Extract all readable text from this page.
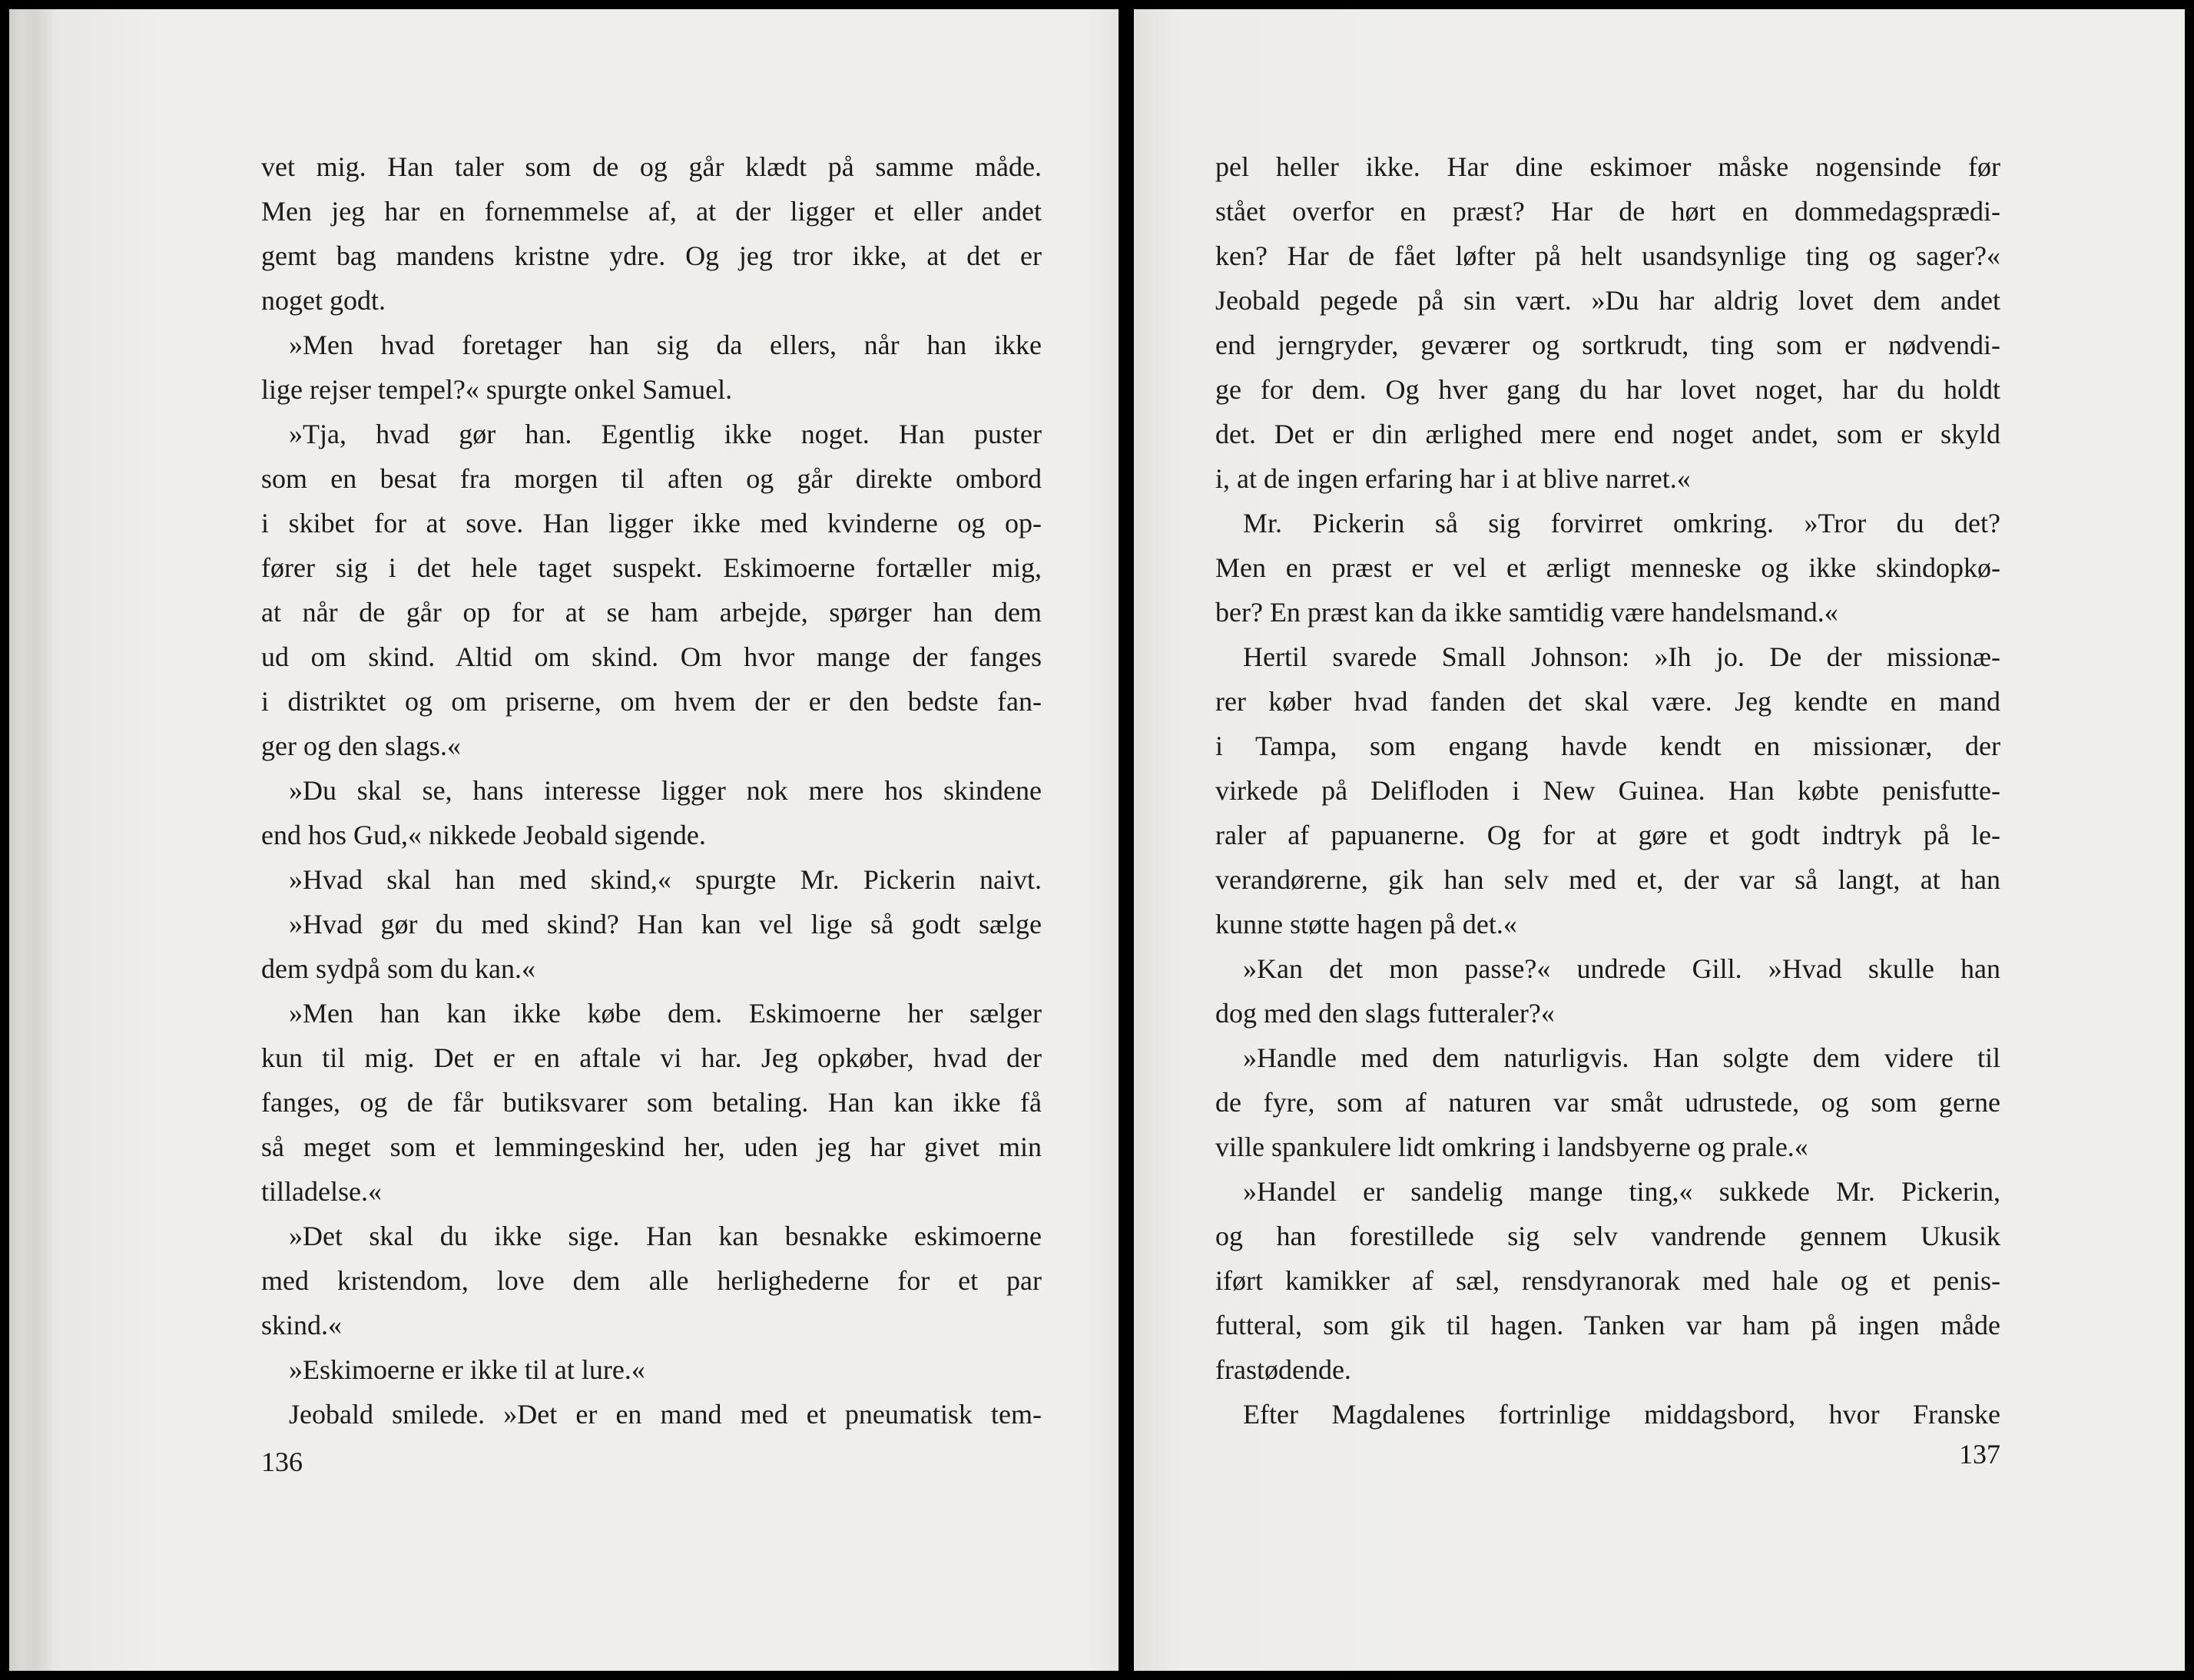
vet mig. Han taler som de og går klædt på samme måde.
Men jeg har en fornemmelse af, at der ligger et eller andet
gemt bag mandens kristne ydre. Og jeg tror ikke, at det er
noget godt.
»Men hvad foretager han sig da ellers, når han ikke
lige rejser tempel?« spurgte onkel Samuel.
»Tja, hvad gør han. Egentlig ikke noget. Han puster
som en besat fra morgen til aften og går direkte ombord
i skibet for at sove. Han ligger ikke med kvinderne og op-
fører sig i det hele taget suspekt. Eskimoerne fortæller mig,
at når de går op for at se ham arbejde, spørger han dem
ud om skind. Altid om skind. Om hvor mange der fanges
i distriktet og om priserne, om hvem der er den bedste fan-
ger og den slags.«
»Du skal se, hans interesse ligger nok mere hos skindene
end hos Gud,« nikkede Jeobald sigende.
»Hvad skal han med skind,« spurgte Mr. Pickerin naivt.
»Hvad gør du med skind? Han kan vel lige så godt sælge
dem sydpå som du kan.«
»Men han kan ikke købe dem. Eskimoerne her sælger
kun til mig. Det er en aftale vi har. Jeg opkøber, hvad der
fanges, og de får butiksvarer som betaling. Han kan ikke få
så meget som et lemmingeskind her, uden jeg har givet min
tilladelse.«
»Det skal du ikke sige. Han kan besnakke eskimoerne
med kristendom, love dem alle herlighederne for et par
skind.«
»Eskimoerne er ikke til at lure.«
Jeobald smilede. »Det er en mand med et pneumatisk tem-
136
pel heller ikke. Har dine eskimoer måske nogensinde før
stået overfor en præst? Har de hørt en dommedagsprædi-
ken? Har de fået løfter på helt usandsynlige ting og sager?«
Jeobald pegede på sin vært. »Du har aldrig lovet dem andet
end jerngryder, geværer og sortkrudt, ting som er nødvendi-
ge for dem. Og hver gang du har lovet noget, har du holdt
det. Det er din ærlighed mere end noget andet, som er skyld
i, at de ingen erfaring har i at blive narret.«
Mr. Pickerin så sig forvirret omkring. »Tror du det?
Men en præst er vel et ærligt menneske og ikke skindopkø-
ber? En præst kan da ikke samtidig være handelsmand.«
Hertil svarede Small Johnson: »Ih jo. De der missionæ-
rer køber hvad fanden det skal være. Jeg kendte en mand
i Tampa, som engang havde kendt en missionær, der
virkede på Delifloden i New Guinea. Han købte penisfutte-
raler af papuanerne. Og for at gøre et godt indtryk på le-
verandørerne, gik han selv med et, der var så langt, at han
kunne støtte hagen på det.«
»Kan det mon passe?« undrede Gill. »Hvad skulle han
dog med den slags futteraler?«
»Handle med dem naturligvis. Han solgte dem videre til
de fyre, som af naturen var småt udrustede, og som gerne
ville spankulere lidt omkring i landsbyerne og prale.«
»Handel er sandelig mange ting,« sukkede Mr. Pickerin,
og han forestillede sig selv vandrende gennem Ukusik
iført kamikker af sæl, rensdyranorak med hale og et penis-
futteral, som gik til hagen. Tanken var ham på ingen måde
frastødende.
Efter Magdalenes fortrinlige middagsbord, hvor Franske
137
